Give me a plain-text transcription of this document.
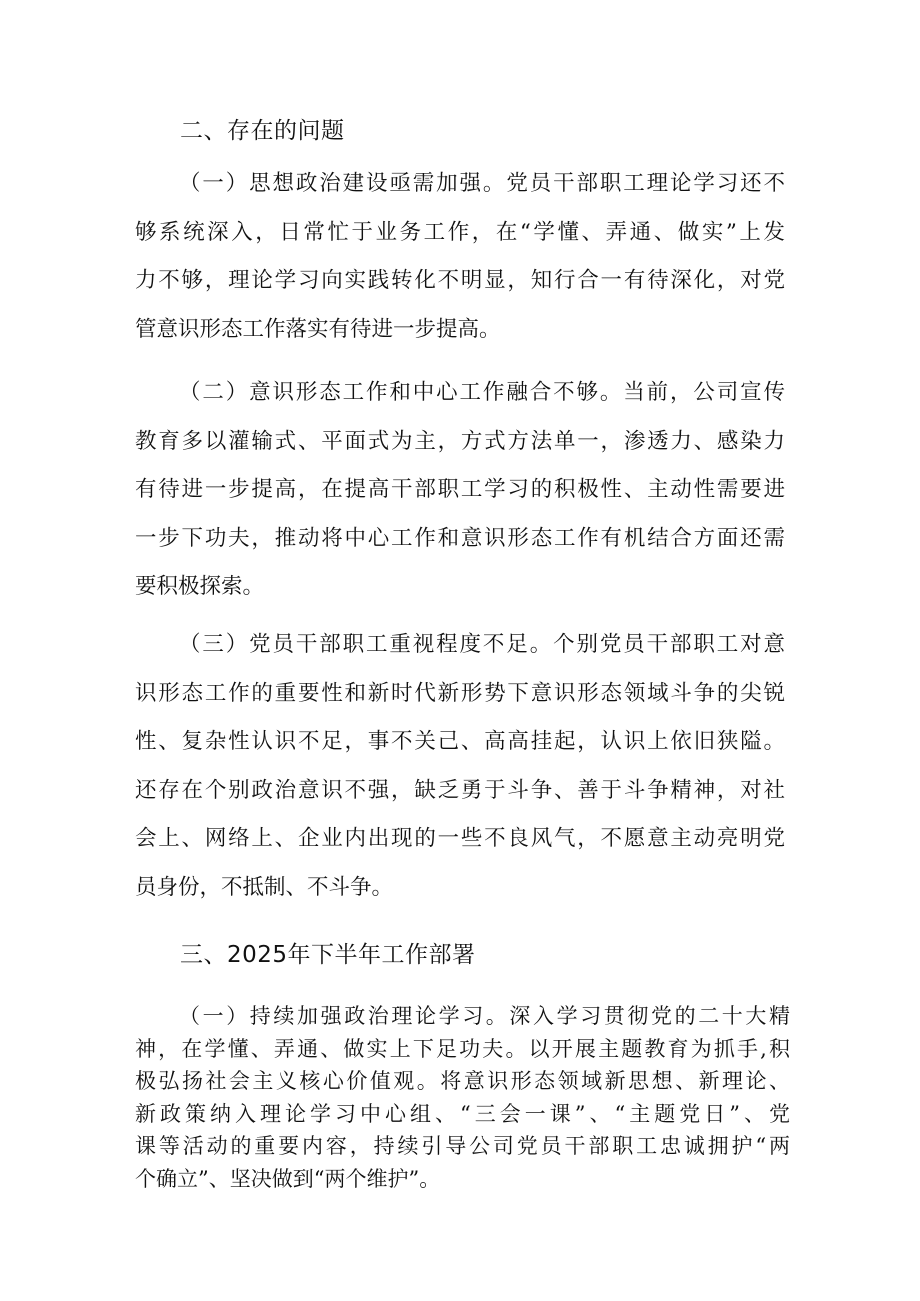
二、存在的问题
（一）思想政治建设亟需加强。党员干部职工理论学习还不
够系统深入，日常忙于业务工作，在“学懂、弄通、做实”上发
力不够，理论学习向实践转化不明显，知行合一有待深化，对党
管意识形态工作落实有待进一步提高。
（二）意识形态工作和中心工作融合不够。当前，公司宣传
教育多以灌输式、平面式为主，方式方法单一，渗透力、感染力
有待进一步提高，在提高干部职工学习的积极性、主动性需要进
一步下功夫，推动将中心工作和意识形态工作有机结合方面还需
要积极探索。
（三）党员干部职工重视程度不足。个别党员干部职工对意
识形态工作的重要性和新时代新形势下意识形态领域斗争的尖锐
性、复杂性认识不足，事不关己、高高挂起，认识上依旧狭隘。
还存在个别政治意识不强，缺乏勇于斗争、善于斗争精神，对社
会上、网络上、企业内出现的一些不良风气，不愿意主动亮明党
员身份，不抵制、不斗争。
三、2025年下半年工作部署
（一）持续加强政治理论学习。深入学习贯彻党的二十大精
神，在学懂、弄通、做实上下足功夫。以开展主题教育为抓手,积
极弘扬社会主义核心价值观。将意识形态领域新思想、新理论、
新政策纳入理论学习中心组、“三会一课”、“主题党日”、党
课等活动的重要内容，持续引导公司党员干部职工忠诚拥护“两
个确立”、坚决做到“两个维护”。
